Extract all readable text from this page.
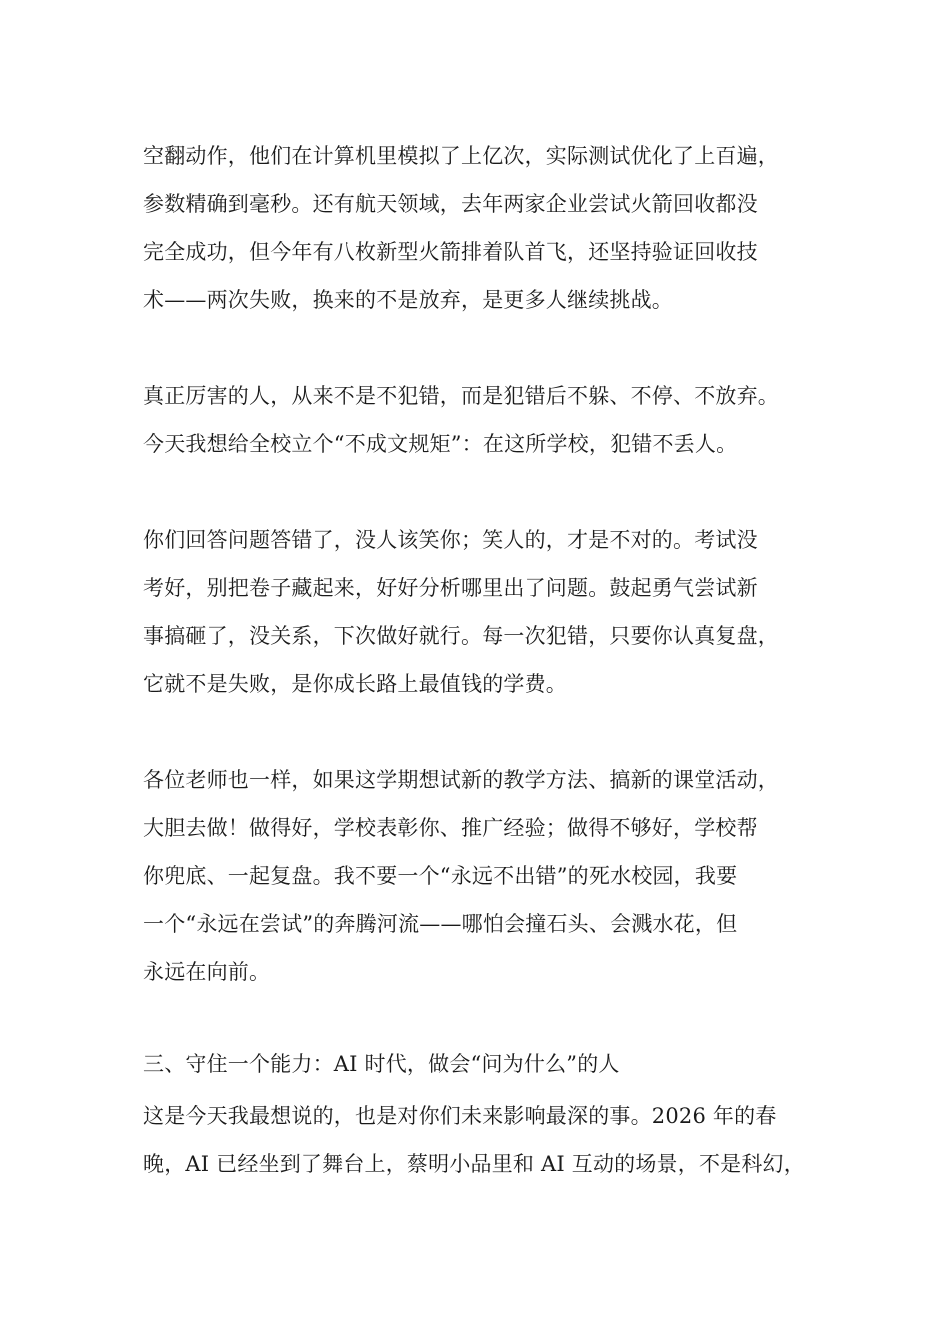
空翻动作，他们在计算机里模拟了上亿次，实际测试优化了上百遍，
参数精确到毫秒。还有航天领域，去年两家企业尝试火箭回收都没
完全成功，但今年有八枚新型火箭排着队首飞，还坚持验证回收技
术——两次失败，换来的不是放弃，是更多人继续挑战。
真正厉害的人，从来不是不犯错，而是犯错后不躲、不停、不放弃。
今天我想给全校立个“不成文规矩”：在这所学校，犯错不丢人。
你们回答问题答错了，没人该笑你；笑人的，才是不对的。考试没
考好，别把卷子藏起来，好好分析哪里出了问题。鼓起勇气尝试新
事搞砸了，没关系，下次做好就行。每一次犯错，只要你认真复盘，
它就不是失败，是你成长路上最值钱的学费。
各位老师也一样，如果这学期想试新的教学方法、搞新的课堂活动，
大胆去做！做得好，学校表彰你、推广经验；做得不够好，学校帮
你兜底、一起复盘。我不要一个“永远不出错”的死水校园，我要
一个“永远在尝试”的奔腾河流——哪怕会撞石头、会溅水花，但
永远在向前。
三、守住一个能力：AI 时代，做会“问为什么”的人
这是今天我最想说的，也是对你们未来影响最深的事。2026 年的春
晚，AI 已经坐到了舞台上，蔡明小品里和 AI 互动的场景，不是科幻，
